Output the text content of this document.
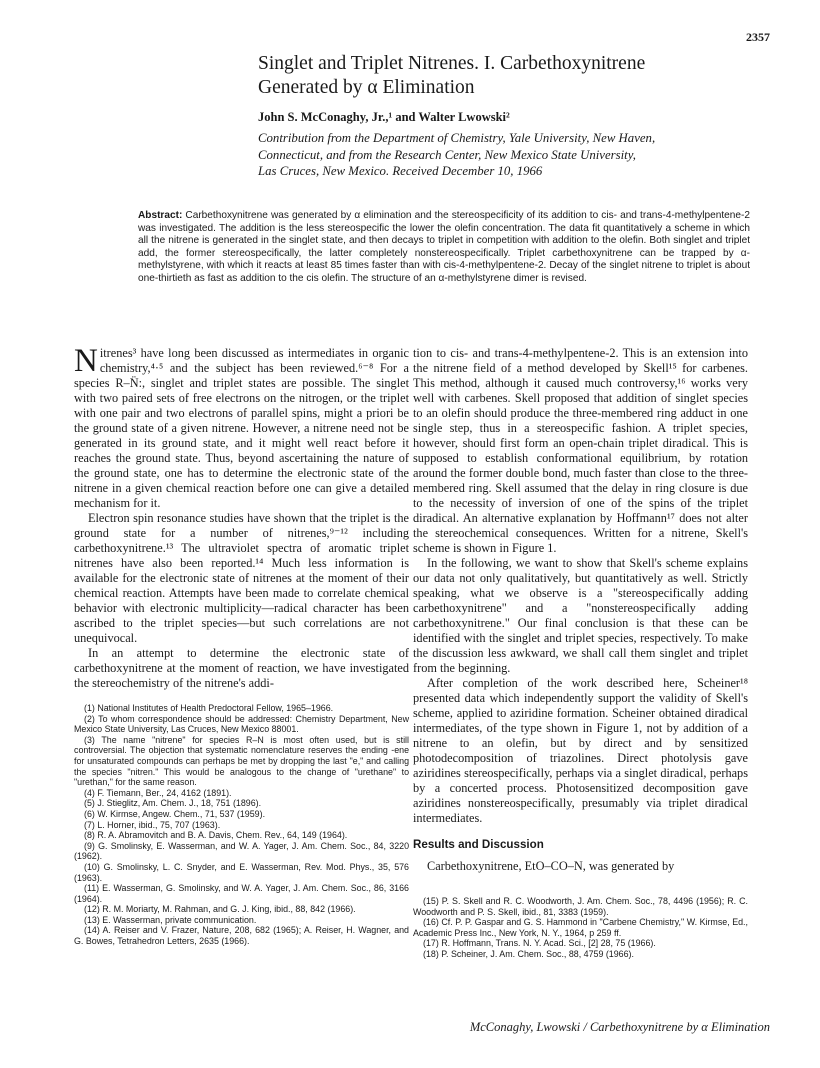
2357
Singlet and Triplet Nitrenes. I. Carbethoxynitrene
Generated by α Elimination
John S. McConaghy, Jr.,¹ and Walter Lwowski²
Contribution from the Department of Chemistry, Yale University, New Haven,
Connecticut, and from the Research Center, New Mexico State University,
Las Cruces, New Mexico. Received December 10, 1966
Abstract: Carbethoxynitrene was generated by α elimination and the stereospecificity of its addition to cis- and trans-4-methylpentene-2 was investigated. The addition is the less stereospecific the lower the olefin concentration. The data fit quantitatively a scheme in which all the nitrene is generated in the singlet state, and then decays to triplet in competition with addition to the olefin. Both singlet and triplet add, the former stereospecifically, the latter completely nonstereospecifically. Triplet carbethoxynitrene can be trapped by α-methylstyrene, with which it reacts at least 85 times faster than with cis-4-methylpentene-2. Decay of the singlet nitrene to triplet is about one-thirtieth as fast as addition to the cis olefin. The structure of an α-methylstyrene dimer is revised.

Nitrenes³ have long been discussed as intermediates in organic chemistry,⁴·⁵ and the subject has been reviewed.⁶⁻⁸ For a species R–N̈:, singlet and triplet states are possible. The singlet with two paired sets of free electrons on the nitrogen, or the triplet with one pair and two electrons of parallel spins, might a priori be the ground state of a given nitrene. However, a nitrene need not be generated in its ground state, and it might well react before it reaches the ground state. Thus, beyond ascertaining the nature of the ground state, one has to determine the electronic state of the nitrene in a given chemical reaction before one can give a detailed mechanism for it.

Electron spin resonance studies have shown that the triplet is the ground state for a number of nitrenes,⁹⁻¹² including carbethoxynitrene.¹³ The ultraviolet spectra of aromatic triplet nitrenes have also been reported.¹⁴ Much less information is available for the electronic state of nitrenes at the moment of their chemical reaction. Attempts have been made to correlate chemical behavior with electronic multiplicity—radical character has been ascribed to the triplet species—but such correlations are not unequivocal.

In an attempt to determine the electronic state of carbethoxynitrene at the moment of reaction, we have investigated the stereochemistry of the nitrene's addi-

(1) National Institutes of Health Predoctoral Fellow, 1965–1966.

(2) To whom correspondence should be addressed: Chemistry Department, New Mexico State University, Las Cruces, New Mexico 88001.

(3) The name "nitrene" for species R–N is most often used, but is still controversial. The objection that systematic nomenclature reserves the ending -ene for unsaturated compounds can perhaps be met by dropping the last "e," and calling the species "nitren." This would be analogous to the change of "urethane" to "urethan," for the same reason.

(4) F. Tiemann, Ber., 24, 4162 (1891).

(5) J. Stieglitz, Am. Chem. J., 18, 751 (1896).

(6) W. Kirmse, Angew. Chem., 71, 537 (1959).

(7) L. Horner, ibid., 75, 707 (1963).

(8) R. A. Abramovitch and B. A. Davis, Chem. Rev., 64, 149 (1964).

(9) G. Smolinsky, E. Wasserman, and W. A. Yager, J. Am. Chem. Soc., 84, 3220 (1962).

(10) G. Smolinsky, L. C. Snyder, and E. Wasserman, Rev. Mod. Phys., 35, 576 (1963).

(11) E. Wasserman, G. Smolinsky, and W. A. Yager, J. Am. Chem. Soc., 86, 3166 (1964).

(12) R. M. Moriarty, M. Rahman, and G. J. King, ibid., 88, 842 (1966).

(13) E. Wasserman, private communication.

(14) A. Reiser and V. Frazer, Nature, 208, 682 (1965); A. Reiser, H. Wagner, and G. Bowes, Tetrahedron Letters, 2635 (1966).

tion to cis- and trans-4-methylpentene-2. This is an extension into the nitrene field of a method developed by Skell¹⁵ for carbenes. This method, although it caused much controversy,¹⁶ works very well with carbenes. Skell proposed that addition of singlet species to an olefin should produce the three-membered ring adduct in one single step, thus in a stereospecific fashion. A triplet species, however, should first form an open-chain triplet diradical. This is supposed to establish conformational equilibrium, by rotation around the former double bond, much faster than close to the three-membered ring. Skell assumed that the delay in ring closure is due to the necessity of inversion of one of the spins of the triplet diradical. An alternative explanation by Hoffmann¹⁷ does not alter the stereochemical consequences. Written for a nitrene, Skell's scheme is shown in Figure 1.

In the following, we want to show that Skell's scheme explains our data not only qualitatively, but quantitatively as well. Strictly speaking, what we observe is a "stereospecifically adding carbethoxynitrene" and a "nonstereospecifically adding carbethoxynitrene." Our final conclusion is that these can be identified with the singlet and triplet species, respectively. To make the discussion less awkward, we shall call them singlet and triplet from the beginning.

After completion of the work described here, Scheiner¹⁸ presented data which independently support the validity of Skell's scheme, applied to aziridine formation. Scheiner obtained diradical intermediates, of the type shown in Figure 1, not by addition of a nitrene to an olefin, but by direct and by sensitized photodecomposition of triazolines. Direct photolysis gave aziridines stereospecifically, perhaps via a singlet diradical, perhaps by a concerted process. Photosensitized decomposition gave aziridines nonstereospecifically, presumably via triplet diradical intermediates.

Results and Discussion

Carbethoxynitrene, EtO–CO–N, was generated by

(15) P. S. Skell and R. C. Woodworth, J. Am. Chem. Soc., 78, 4496 (1956); R. C. Woodworth and P. S. Skell, ibid., 81, 3383 (1959).

(16) Cf. P. P. Gaspar and G. S. Hammond in "Carbene Chemistry," W. Kirmse, Ed., Academic Press Inc., New York, N. Y., 1964, p 259 ff.

(17) R. Hoffmann, Trans. N. Y. Acad. Sci., [2] 28, 75 (1966).

(18) P. Scheiner, J. Am. Chem. Soc., 88, 4759 (1966).

McConaghy, Lwowski / Carbethoxynitrene by α Elimination
